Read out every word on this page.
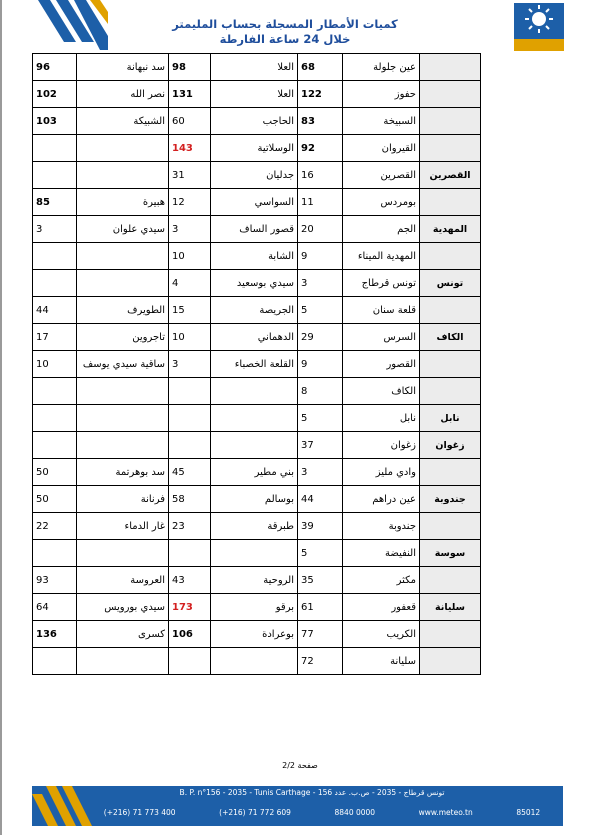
كميات الأمطار المسجلة بحساب المليمتر
خلال 24 ساعة الفارطة
	عين جلولة	68	العلا	98	سد نبهانة	96
	حفوز	122	العلا	131	نصر الله	102
	السبيخة	83	الحاجب	60	الشبيكة	103
	القيروان	92	الوسلاتية	143		
القصرين	القصرين	16	جدليان	31		
	بومردس	11	السواسي	12	هبيرة	85
المهدية	الجم	20	قصور الساف	3	سيدي علوان	3
	المهدية الميناء	9	الشابة	10		
تونس	تونس قرطاج	3	سيدي بوسعيد	4		
	قلعة سنان	5	الجريصة	15	الطويرف	44
الكاف	السرس	29	الدهماني	10	تاجروين	17
	القصور	9	القلعة الخصباء	3	ساقية سيدي يوسف	10
	الكاف	8				
نابل	نابل	5				
زغوان	زغوان	37				
	وادي مليز	3	بني مطير	45	سد بوهرتمة	50
جندوبة	عين دراهم	44	بوسالم	58	فرنانة	50
	جندوبة	39	طبرقة	23	غار الدماء	22
سوسة	النفيضة	5				
	مكثر	35	الروحية	43	العروسة	93
سليانة	قعفور	61	برقو	173	سيدي بورويس	64
	الكريب	77	بوعرادة	106	كسرى	136
	سليانة	72				
صفحة 2/2
B. P. n°156 - 2035 - Tunis Carthage - تونس قرطاج - 2035 - ص.ب. عدد 156
(+216) 71 773 400	(+216) 71 772 609	8840 0000	www.meteo.tn	85012
